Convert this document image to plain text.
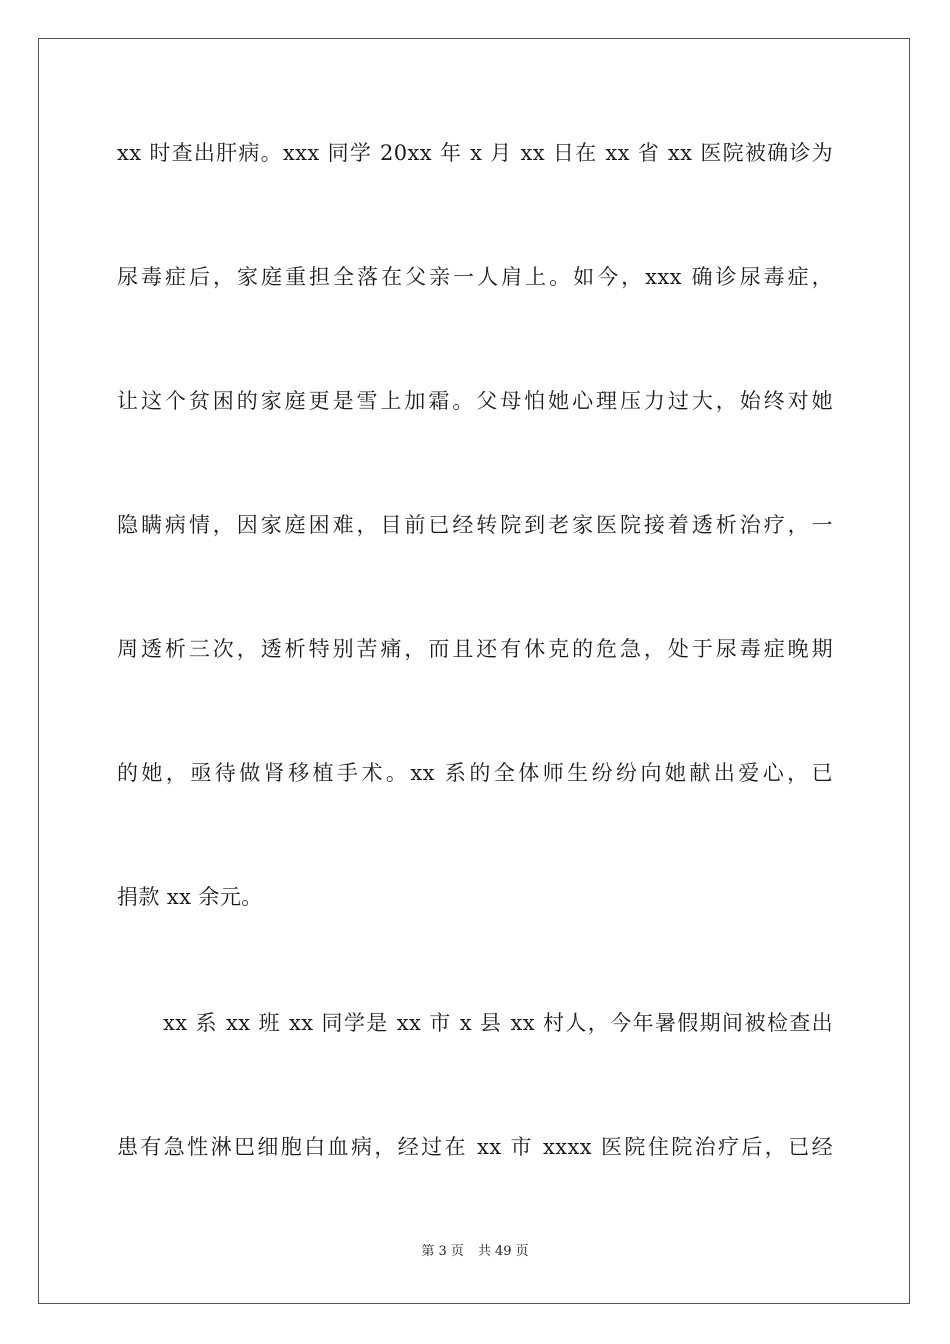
xx 时查出肝病。xxx 同学 20xx 年 x 月 xx 日在 xx 省 xx 医院被确诊为
尿毒症后，家庭重担全落在父亲一人肩上。如今，xxx 确诊尿毒症，
让这个贫困的家庭更是雪上加霜。父母怕她心理压力过大，始终对她
隐瞒病情，因家庭困难，目前已经转院到老家医院接着透析治疗，一
周透析三次，透析特别苦痛，而且还有休克的危急，处于尿毒症晚期
的她，亟待做肾移植手术。xx 系的全体师生纷纷向她献出爱心，已
捐款 xx 余元。
xx 系 xx 班 xx 同学是 xx 市 x 县 xx 村人，今年暑假期间被检查出
患有急性淋巴细胞白血病，经过在 xx 市 xxxx 医院住院治疗后，已经
第 3 页 共 49 页
